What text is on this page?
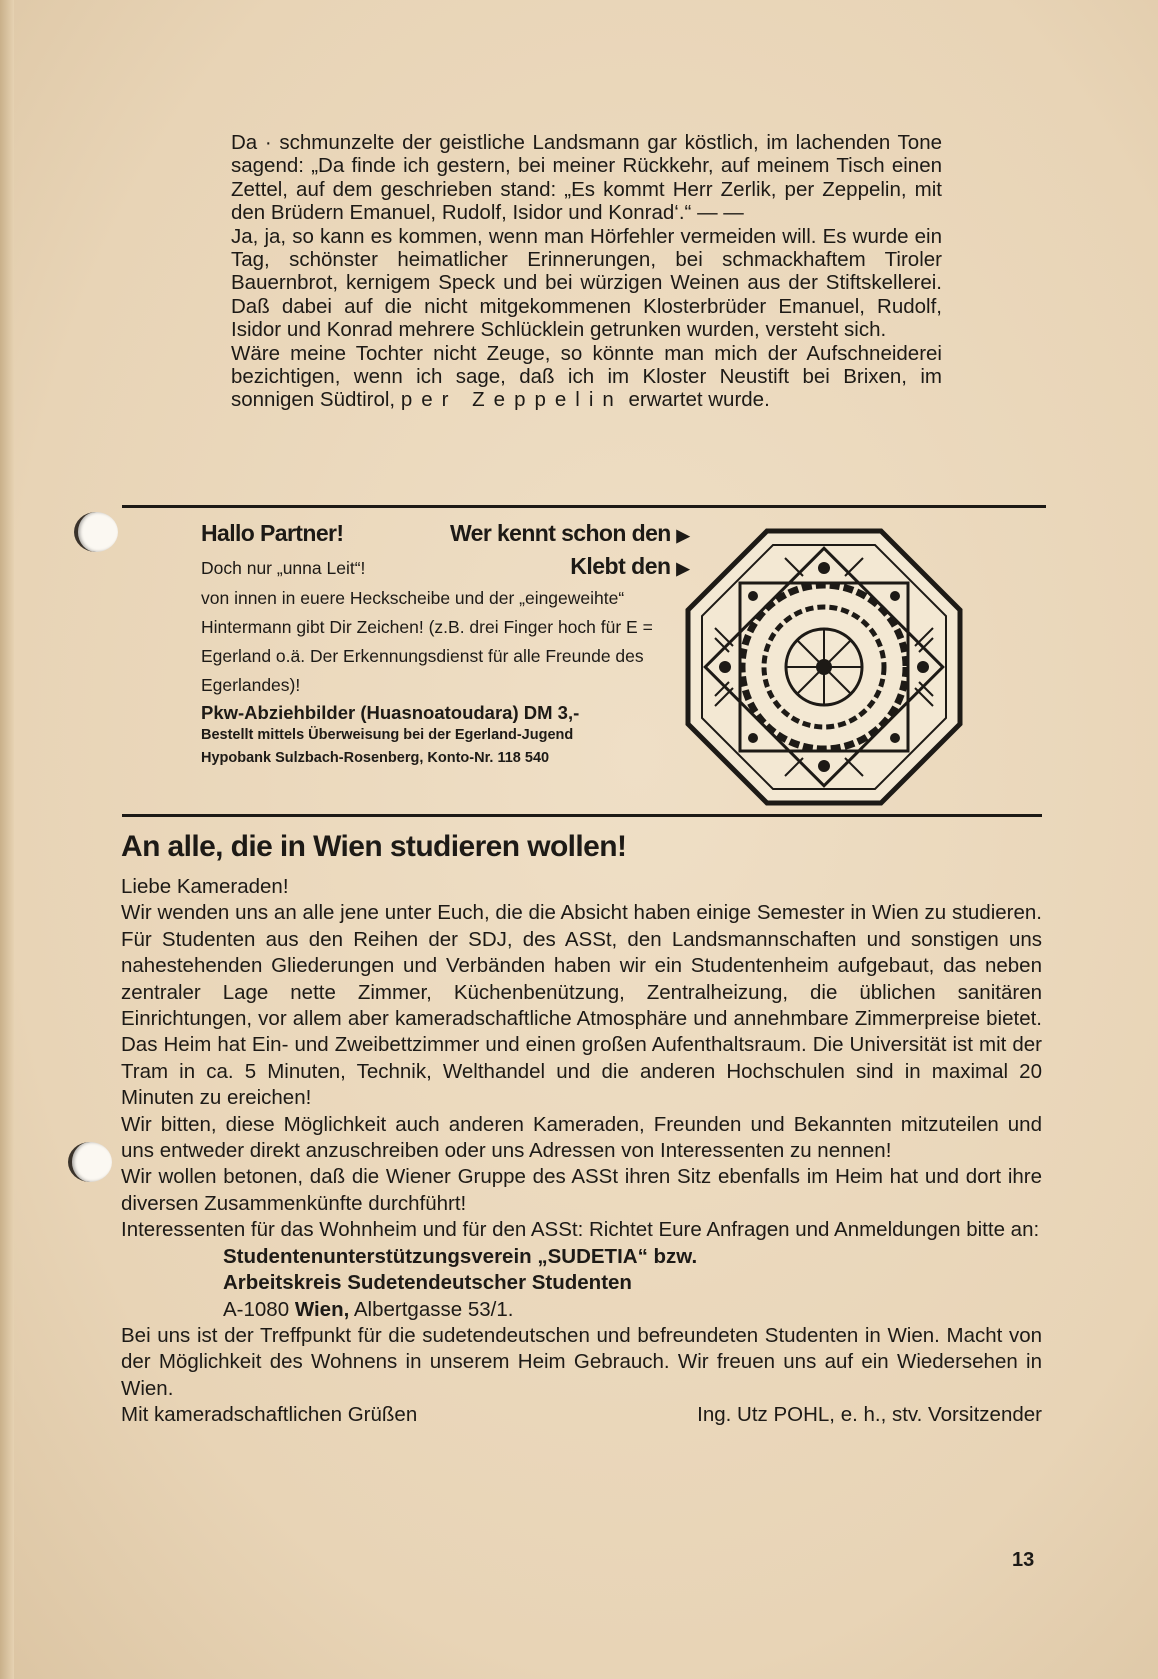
Da · schmunzelte der geistliche Landsmann gar köstlich, im lachenden Tone sagend: „Da finde ich gestern, bei meiner Rückkehr, auf meinem Tisch einen Zettel, auf dem geschrieben stand: „Es kommt Herr Zerlik, per Zeppelin, mit den Brüdern Emanuel, Rudolf, Isidor und Konrad‘.“ — —

Ja, ja, so kann es kommen, wenn man Hörfehler vermeiden will. Es wurde ein Tag, schönster heimatlicher Erinnerungen, bei schmackhaftem Tiroler Bauernbrot, kernigem Speck und bei würzigen Weinen aus der Stiftskellerei. Daß dabei auf die nicht mitgekommenen Klosterbrüder Emanuel, Rudolf, Isidor und Konrad mehrere Schlücklein getrunken wurden, versteht sich.

Wäre meine Tochter nicht Zeuge, so könnte man mich der Aufschneiderei bezichtigen, wenn ich sage, daß ich im Kloster Neustift bei Brixen, im sonnigen Südtirol, per Zeppelin erwartet wurde.

Hallo Partner!	Wer kennt schon den ▶
Doch nur „unna Leit“!	Klebt den ▶
von innen in euere Heckscheibe und der „eingeweihte“ Hintermann gibt Dir Zeichen! (z.B. drei Finger hoch für E = Egerland o.ä. Der Erkennungsdienst für alle Freunde des Egerlandes)!
Pkw-Abziehbilder (Huasnoatoudara) DM 3,-
Bestellt mittels Überweisung bei der Egerland-Jugend
Hypobank Sulzbach-Rosenberg, Konto-Nr. 118 540
An alle, die in Wien studieren wollen!

Liebe Kameraden!

Wir wenden uns an alle jene unter Euch, die die Absicht haben einige Semester in Wien zu studieren. Für Studenten aus den Reihen der SDJ, des ASSt, den Landsmannschaften und sonstigen uns nahestehenden Gliederungen und Verbänden haben wir ein Studentenheim aufgebaut, das neben zentraler Lage nette Zimmer, Küchenbenützung, Zentralheizung, die üblichen sanitären Einrichtungen, vor allem aber kameradschaftliche Atmosphäre und annehmbare Zimmerpreise bietet. Das Heim hat Ein- und Zweibettzimmer und einen großen Aufenthaltsraum. Die Universität ist mit der Tram in ca. 5 Minuten, Technik, Welthandel und die anderen Hochschulen sind in maximal 20 Minuten zu ereichen!

Wir bitten, diese Möglichkeit auch anderen Kameraden, Freunden und Bekannten mitzuteilen und uns entweder direkt anzuschreiben oder uns Adressen von Interessenten zu nennen!

Wir wollen betonen, daß die Wiener Gruppe des ASSt ihren Sitz ebenfalls im Heim hat und dort ihre diversen Zusammenkünfte durchführt!

Interessenten für das Wohnheim und für den ASSt: Richtet Eure Anfragen und Anmeldungen bitte an:

Studentenunterstützungsverein „SUDETIA“ bzw.

Arbeitskreis Sudetendeutscher Studenten

A-1080 Wien, Albertgasse 53/1.

Bei uns ist der Treffpunkt für die sudetendeutschen und befreundeten Studenten in Wien. Macht von der Möglichkeit des Wohnens in unserem Heim Gebrauch. Wir freuen uns auf ein Wiedersehen in Wien.

Mit kameradschaftlichen Grüßen	Ing. Utz POHL, e. h., stv. Vorsitzender
13
